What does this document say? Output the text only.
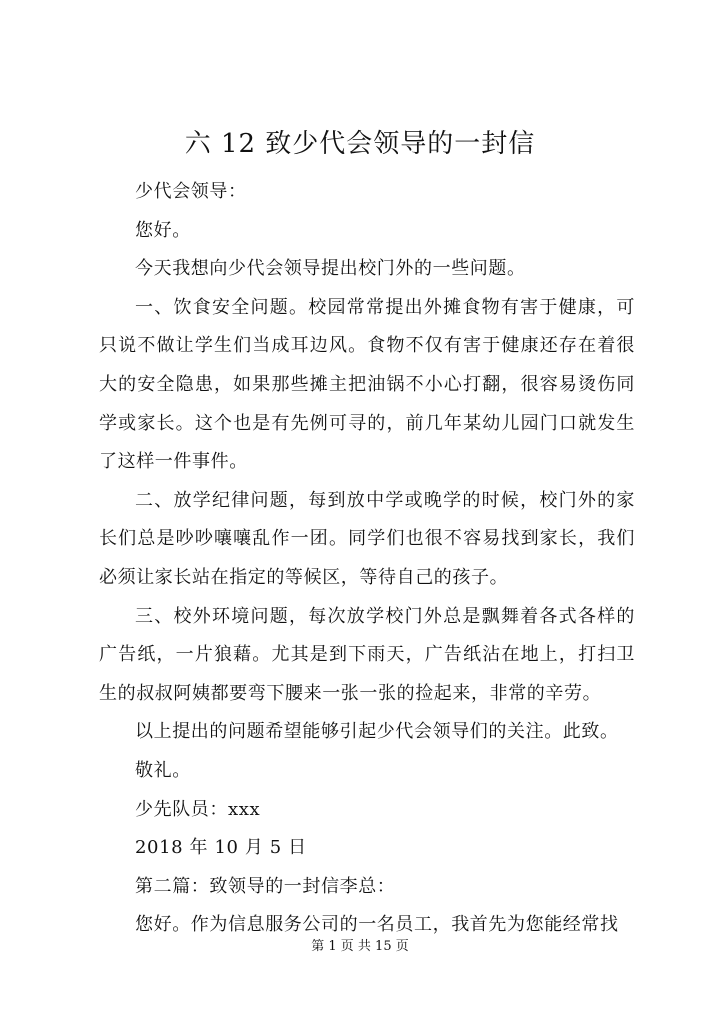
六 12 致少代会领导的一封信

少代会领导：

您好。

今天我想向少代会领导提出校门外的一些问题。

一、饮食安全问题。校园常常提出外摊食物有害于健康，可只说不做让学生们当成耳边风。食物不仅有害于健康还存在着很大的安全隐患，如果那些摊主把油锅不小心打翻，很容易烫伤同学或家长。这个也是有先例可寻的，前几年某幼儿园门口就发生了这样一件事件。

二、放学纪律问题，每到放中学或晚学的时候，校门外的家长们总是吵吵嚷嚷乱作一团。同学们也很不容易找到家长，我们必须让家长站在指定的等候区，等待自己的孩子。

三、校外环境问题，每次放学校门外总是飘舞着各式各样的广告纸，一片狼藉。尤其是到下雨天，广告纸沾在地上，打扫卫生的叔叔阿姨都要弯下腰来一张一张的捡起来，非常的辛劳。

以上提出的问题希望能够引起少代会领导们的关注。此致。

敬礼。

少先队员：xxx

2018 年 10 月 5 日

第二篇：致领导的一封信李总：

您好。作为信息服务公司的一名员工，我首先为您能经常找

第 1 页 共 15 页
